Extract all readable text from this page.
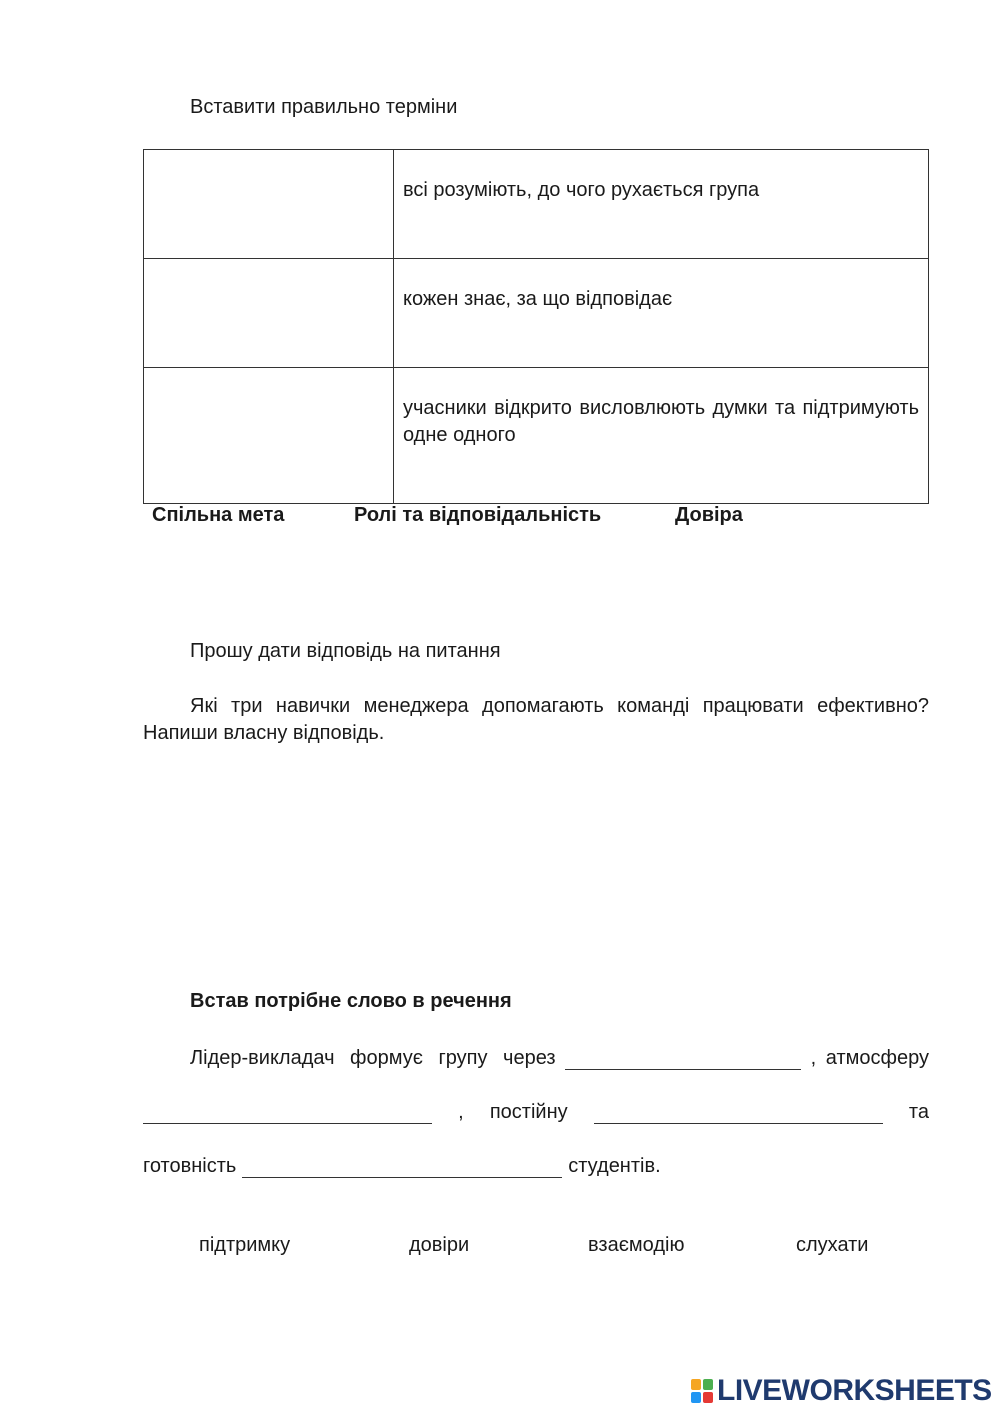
Вставити правильно терміни
	всі розуміють, до чого рухається група
	кожен знає, за що відповідає
	учасники відкрито висловлюють думки та підтримують одне одного
Спільна мета	Ролі та відповідальність	Довіра
Прошу дати відповідь на питання
Які три навички менеджера допомагають команді працювати ефективно? Напиши власну відповідь.
Встав потрібне слово в речення
Лідер-викладач формує групу через	, атмосферу
, постійну	та
готовність	студентів.
підтримку	довіри	взаємодію	слухати
LIVEWORKSHEETS
